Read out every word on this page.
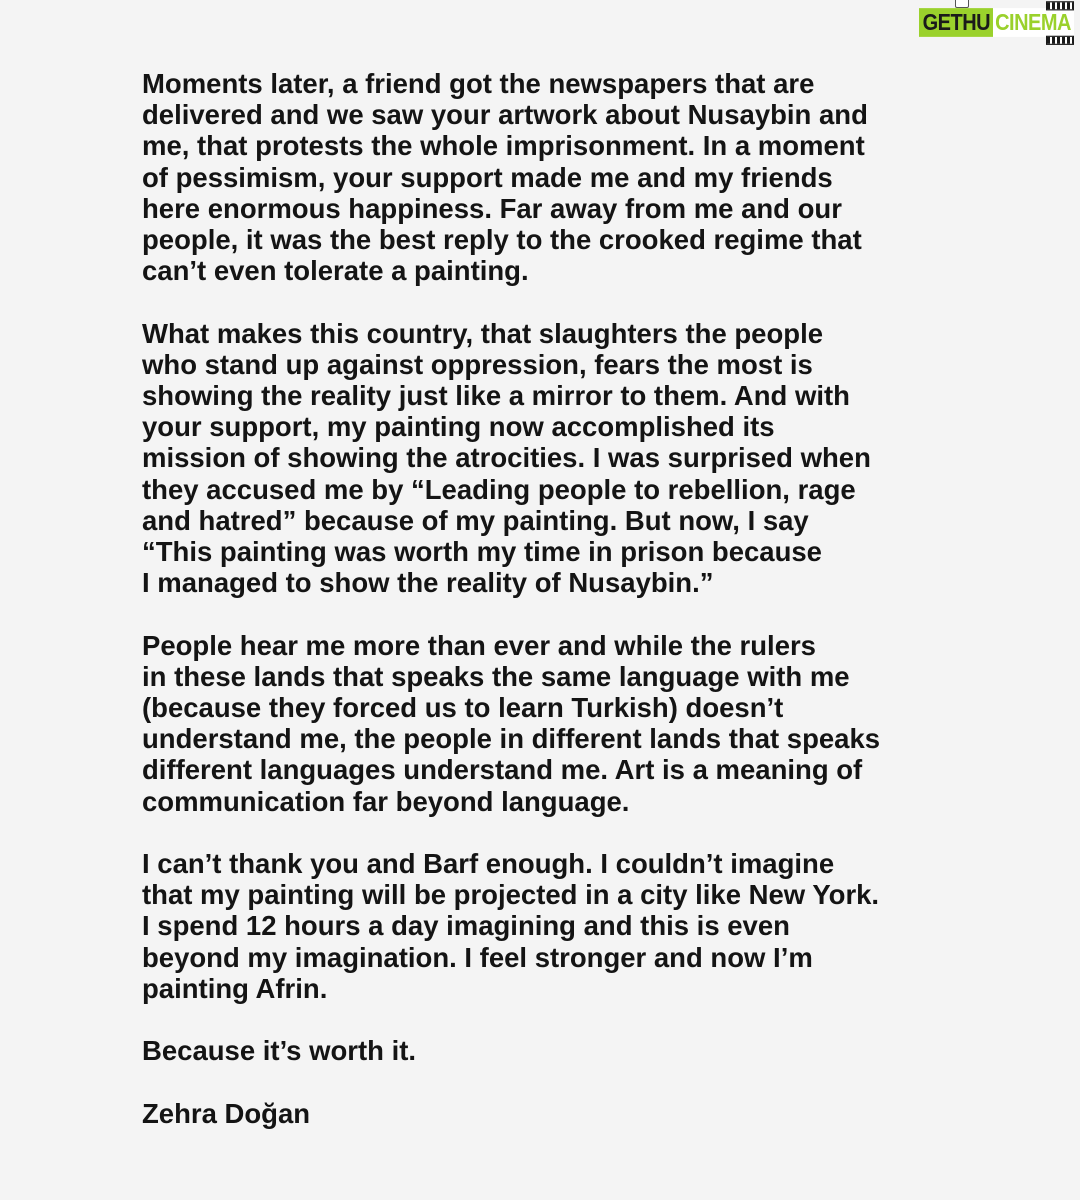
GETHU CINEMA
Moments later, a friend got the newspapers that are
delivered and we saw your artwork about Nusaybin and
me, that protests the whole imprisonment. In a moment
of pessimism, your support made me and my friends
here enormous happiness. Far away from me and our
people, it was the best reply to the crooked regime that
can’t even tolerate a painting.
What makes this country, that slaughters the people
who stand up against oppression, fears the most is
showing the reality just like a mirror to them. And with
your support, my painting now accomplished its
mission of showing the atrocities. I was surprised when
they accused me by “Leading people to rebellion, rage
and hatred” because of my painting. But now, I say
“This painting was worth my time in prison because
I managed to show the reality of Nusaybin.”
People hear me more than ever and while the rulers
in these lands that speaks the same language with me
(because they forced us to learn Turkish) doesn’t
understand me, the people in different lands that speaks
different languages understand me. Art is a meaning of
communication far beyond language.
I can’t thank you and Barf enough. I couldn’t imagine
that my painting will be projected in a city like New York.
I spend 12 hours a day imagining and this is even
beyond my imagination. I feel stronger and now I’m
painting Afrin.
Because it’s worth it.

Zehra Doğan
